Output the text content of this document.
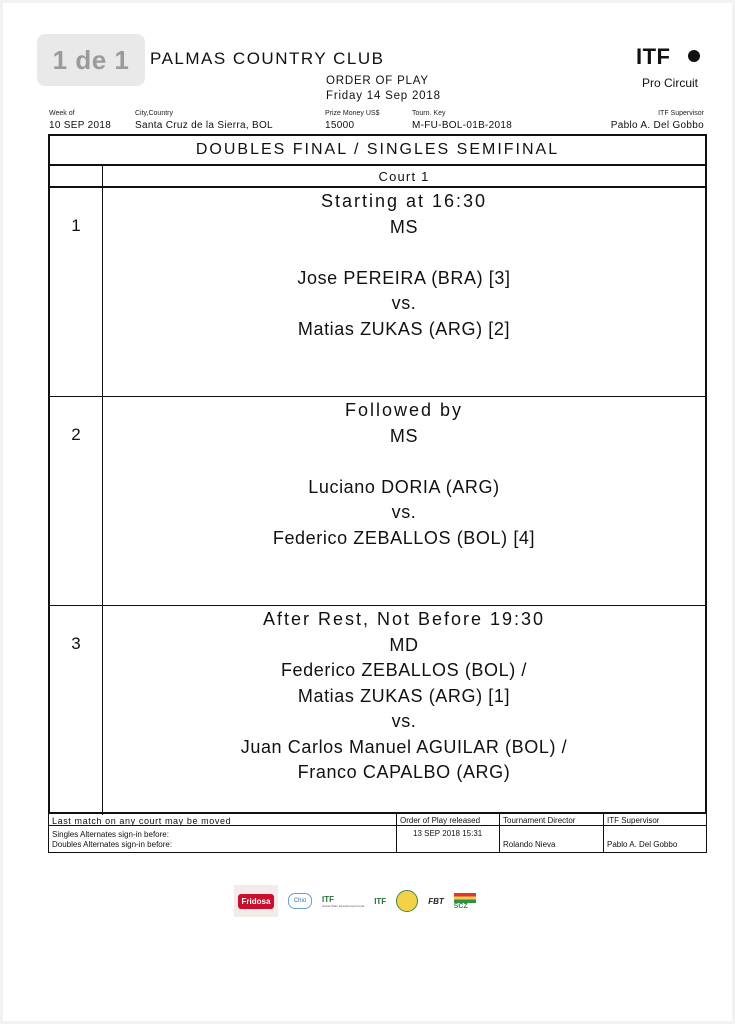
1 de 1	PALMAS COUNTRY CLUB
ORDER OF PLAY
Friday 14 Sep 2018
ITF
Pro Circuit
Week of
10 SEP 2018
City,Country
Santa Cruz de la Sierra, BOL
Prize Money US$
15000
Tourn. Key
M-FU-BOL-01B-2018
ITF Supervisor
Pablo A. Del Gobbo
DOUBLES FINAL / SINGLES SEMIFINAL
Court 1
1
Starting at 16:30
MS
Jose PEREIRA (BRA) [3]
vs.
Matias ZUKAS (ARG) [2]
2
Followed by
MS
Luciano DORIA (ARG)
vs.
Federico ZEBALLOS (BOL) [4]
3
After Rest, Not Before 19:30
MD
Federico ZEBALLOS (BOL) /
Matias ZUKAS (ARG) [1]
vs.
Juan Carlos Manuel AGUILAR (BOL) /
Franco CAPALBO (ARG)
Last match on any court may be moved
Singles Alternates sign-in before:
Doubles Alternates sign-in before:
Order of Play released
13 SEP 2018 15:31
Tournament Director
Rolando Nieva
ITF Supervisor
Pablo A. Del Gobbo
Fridosa	Chio	ITF
Grand Slam Development Fund ITF	FBT
SCZ
